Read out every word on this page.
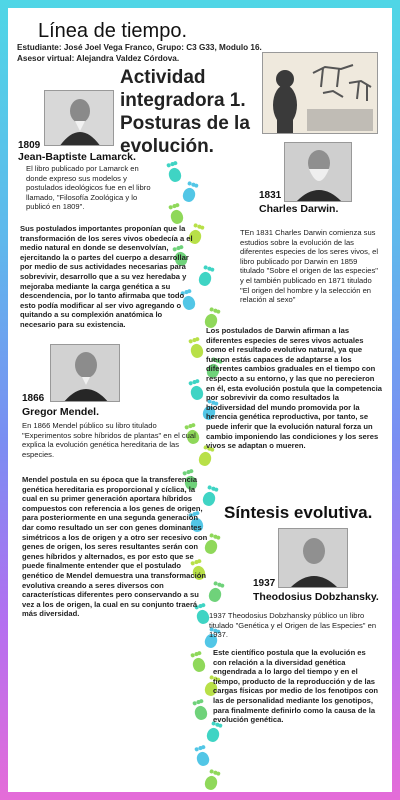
Línea de tiempo.
Estudiante: José Joel Vega Franco, Grupo: C3 G33, Modulo 16.
Asesor virtual: Alejandra Valdez Córdova.
Actividad integradora 1. Posturas de la evolución.
1809
Jean-Baptiste Lamarck.
El libro publicado por Lamarck en donde expreso sus modelos y postulados ideológicos fue en el libro llamado, "Filosofía Zoológica y lo publicó en 1809".
Sus postulados importantes proponían que la transformación de los seres vivos obedecía a el medio natural en donde se desenvolvían, ejercitando la o partes del cuerpo a desarrollar por medio de sus actividades necesarias para sobrevivir, desarrollo que a su vez heredaba y mejoraba mediante la carga genética a su descendencia, por lo tanto afirmaba que todo esto podía modificar al ser vivo agregando o quitando a su complexión anatómica lo necesario para su existencia.
1831
Charles Darwin.
TEn 1831 Charles Darwin comienza sus estudios sobre la evolución de las diferentes especies de los seres vivos, el libro publicado por Darwin en 1859 titulado "Sobre el origen de las especies" y el también publicado en 1871 titulado "El origen del hombre y la selección en relación al sexo"
Los postulados de Darwin afirman a las diferentes especies de seres vivos actuales como el resultado evolutivo natural, ya que fueron estás capaces de adaptarse a los diferentes cambios graduales en el tiempo con respecto a su entorno, y las que no perecieron en él, esta evolución postula que la competencia por sobrevivir da como resultados la biodiversidad del mundo promovida por la herencia genética reproductiva, por tanto, se puede inferir que la evolución natural forza un cambio imponiendo las condiciones y los seres vivos se adaptan o mueren.
1866
Gregor Mendel.
En 1866 Mendel público su libro titulado "Experimentos sobre híbridos de plantas" en el cual explica la evolución genética hereditaria de las especies.
Mendel postula en su época que la transferencia genética hereditaria es proporcional y cíclica, la cual en su primer generación aportara híbridos compuestos con referencia a los genes de origen, para posteriormente en una segunda generación dar como resultado un ser con genes dominantes simétricos a los de origen y a otro ser recesivo con genes de origen, los seres resultantes serán con genes híbridos y alternados, es por esto que se puede finalmente entender que el postulado genético de Mendel demuestra una transformación evolutiva creando a seres diversos con características diferentes pero conservando a su vez a los de origen, la cual en su conjunto traerá más diversidad.
Síntesis evolutiva.
1937
Theodosius Dobzhansky.
1937 Theodosius Dobzhansky público un libro titulado "Genética y el Origen de las Especies" en 1937.
Este científico postula que la evolución es con relación a la diversidad genética engendrada a lo largo del tiempo y en el tiempo, producto de la reproducción y de las cargas físicas por medio de los fenotipos con las de personalidad mediante los genotipos, para finalmente definirlo como la causa de la evolución genética.
